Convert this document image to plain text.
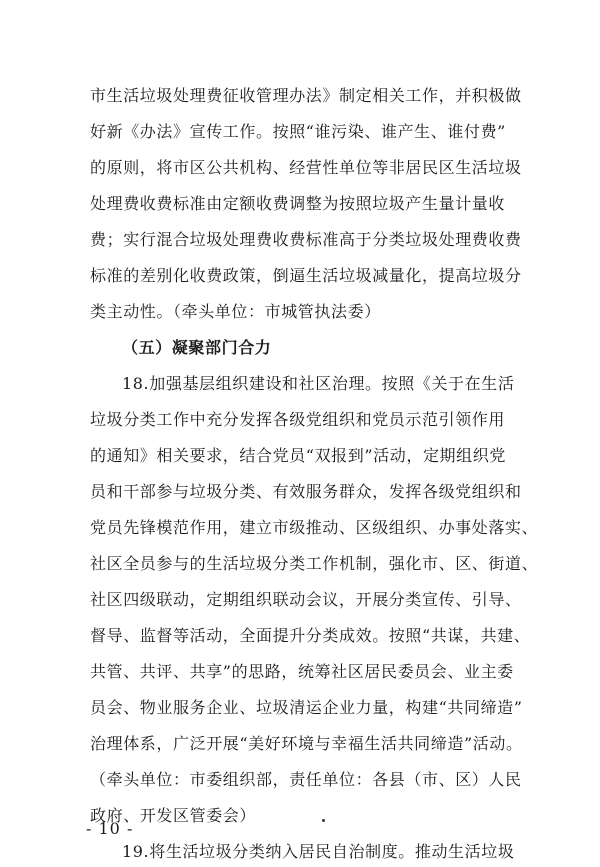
市生活垃圾处理费征收管理办法》制定相关工作，并积极做
好新《办法》宣传工作。按照“谁污染、谁产生、谁付费”
的原则，将市区公共机构、经营性单位等非居民区生活垃圾
处理费收费标准由定额收费调整为按照垃圾产生量计量收
费；实行混合垃圾处理费收费标准高于分类垃圾处理费收费
标准的差别化收费政策，倒逼生活垃圾减量化，提高垃圾分
类主动性。（牵头单位：市城管执法委）
（五）凝聚部门合力
18.加强基层组织建设和社区治理。按照《关于在生活
垃圾分类工作中充分发挥各级党组织和党员示范引领作用
的通知》相关要求，结合党员“双报到”活动，定期组织党
员和干部参与垃圾分类、有效服务群众，发挥各级党组织和
党员先锋模范作用，建立市级推动、区级组织、办事处落实、
社区全员参与的生活垃圾分类工作机制，强化市、区、街道、
社区四级联动，定期组织联动会议，开展分类宣传、引导、
督导、监督等活动，全面提升分类成效。按照“共谋，共建、
共管、共评、共享”的思路，统筹社区居民委员会、业主委
员会、物业服务企业、垃圾清运企业力量，构建“共同缔造”
治理体系，广泛开展“美好环境与幸福生活共同缔造”活动。
（牵头单位：市委组织部，责任单位：各县（市、区）人民
政府、开发区管委会）
19.将生活垃圾分类纳入居民自治制度。推动生活垃圾
- 10 -
